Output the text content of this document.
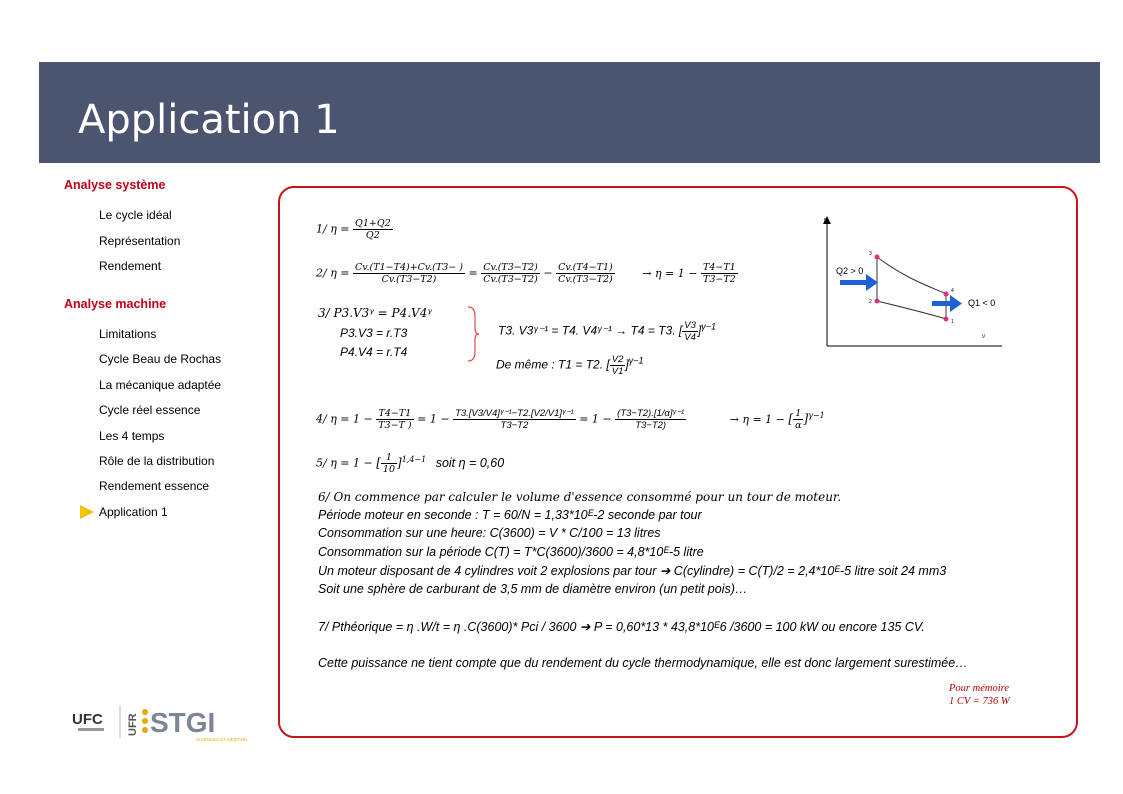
Application 1
Analyse système
Le cycle idéal
Représentation
Rendement
Analyse machine
Limitations
Cycle Beau de Rochas
La mécanique adaptée
Cycle réel essence
Les 4 temps
Rôle de la distribution
Rendement essence
Application 1
UFC UFR STGI
SCIENCES ET GESTION
1/ $\eta = \frac{Q1+Q2}{Q2}$
2/ $\eta = \frac{Cv.(T1-T4)+Cv.(T3- )}{Cv.(T3-T2)} = \frac{Cv.(T3-T2)}{Cv.(T3-T2)} - \frac{Cv.(T4-T1)}{Cv.(T3-T2)}$	→ $\eta = 1 - \frac{T4-T1}{T3-T2}$
3/ P3.V3ᵞ = P4.V4ᵞ
P3.V3 = r.T3
P4.V4 = r.T4
T3. V3ᵞ⁻¹ = T4. V4ᵞ⁻¹ → T4 = T3. [ $\frac{V3}{V4} ]^{\gamma-1}$
De même : T1 = T2. [ $\frac{V2}{V1} ]^{\gamma-1}$
4/ $\eta = 1 - \frac{T4-T1}{T3-T )} = 1 - \frac{\text{T3.[V3/V4]ᵞ⁻¹−T2.[V2/V1]ᵞ⁻¹}}{T3-T2} = 1 - \frac{\text{(T3−T2).[1/α]ᵞ⁻¹}}{T3-T2)}$	→ η = 1 − [ $\frac{1}{\alpha} ]^{\gamma-1}$
5/ η = 1 − [ $\frac{1}{10} ]^{1,4-1}$ soit η = 0,60
6/ On commence par calculer le volume d'essence consommé pour un tour de moteur.
Période moteur en seconde : T = 60/N = 1,33*10ᴱ-2 seconde par tour
Consommation sur une heure: C(3600) = V * C/100 = 13 litres
Consommation sur la période C(T) = T*C(3600)/3600 = 4,8*10ᴱ-5 litre
Un moteur disposant de 4 cylindres voit 2 explosions par tour ➔ C(cylindre) = C(T)/2 = 2,4*10ᴱ-5 litre soit 24 mm3
Soit une sphère de carburant de 3,5 mm de diamètre environ (un petit pois)…
7/ Pthéorique = η .W/t = η .C(3600)* Pci / 3600 ➔ P = 0,60*13 * 43,8*10ᴱ6 /3600 = 100 kW ou encore 135 CV.
Cette puissance ne tient compte que du rendement du cycle thermodynamique, elle est donc largement surestimée…
Pour mémoire
1 CV = 736 W
P
V
3
2
4
1
Q2 > 0
Q1 < 0
